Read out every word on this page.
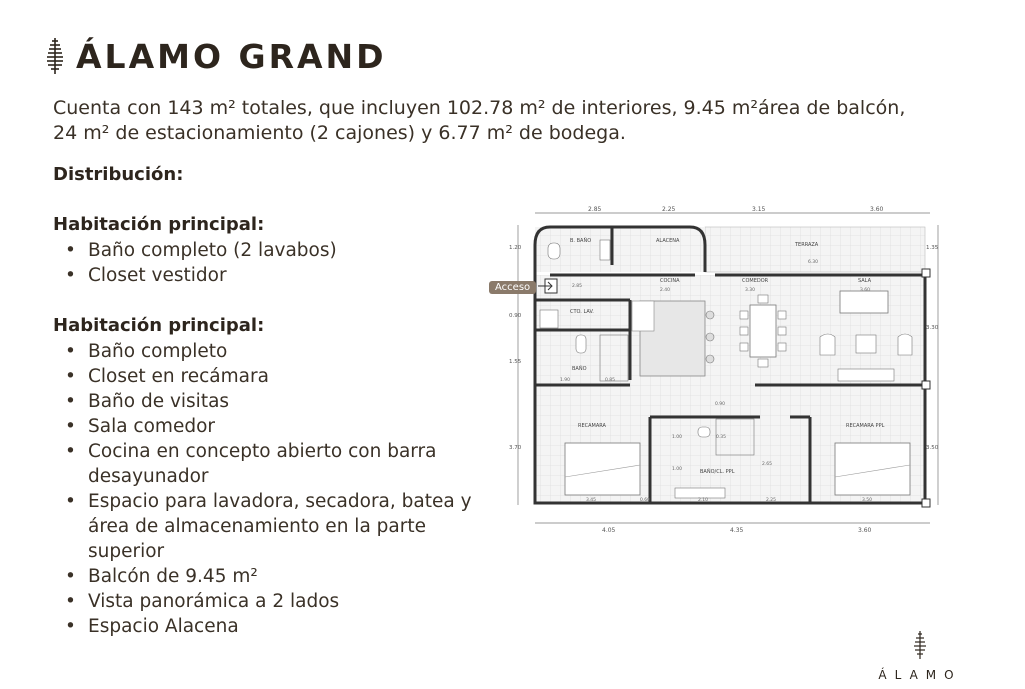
ÁLAMO GRAND
Cuenta con 143 m² totales, que incluyen 102.78 m² de interiores, 9.45 m²área de balcón, 24 m² de estacionamiento (2 cajones) y 6.77 m² de bodega.
Distribución:
Habitación principal:
• Baño completo (2 lavabos)
• Closet vestidor
Habitación principal:
• Baño completo
• Closet en recámara
• Baño de visitas
• Sala comedor
• Cocina en concepto abierto con barra desayunador
• Espacio para lavadora, secadora, batea y área de almacenamiento en la parte superior
• Balcón de 9.45 m²
• Vista panorámica a 2 lados
• Espacio Alacena
2.85	2.25	3.15	3.60
4.05	4.35	3.60
1.20
0.90
1.55
3.70
1.35
3.30
3.50
B. BAÑO	ALACENA
TERRAZA
COCINA	COMEDOR	SALA
CTO. LAV.
BAÑO
RECAMARA	RECAMARA PPL
BAÑO/CL. PPL
2.85
2.40	3.30	3.60
6.30
1.90	0.85
0.90
1.00	0.35
1.00
2.65
3.45	0.60	2.10	2.25	3.50
Acceso
ÁLAMO
